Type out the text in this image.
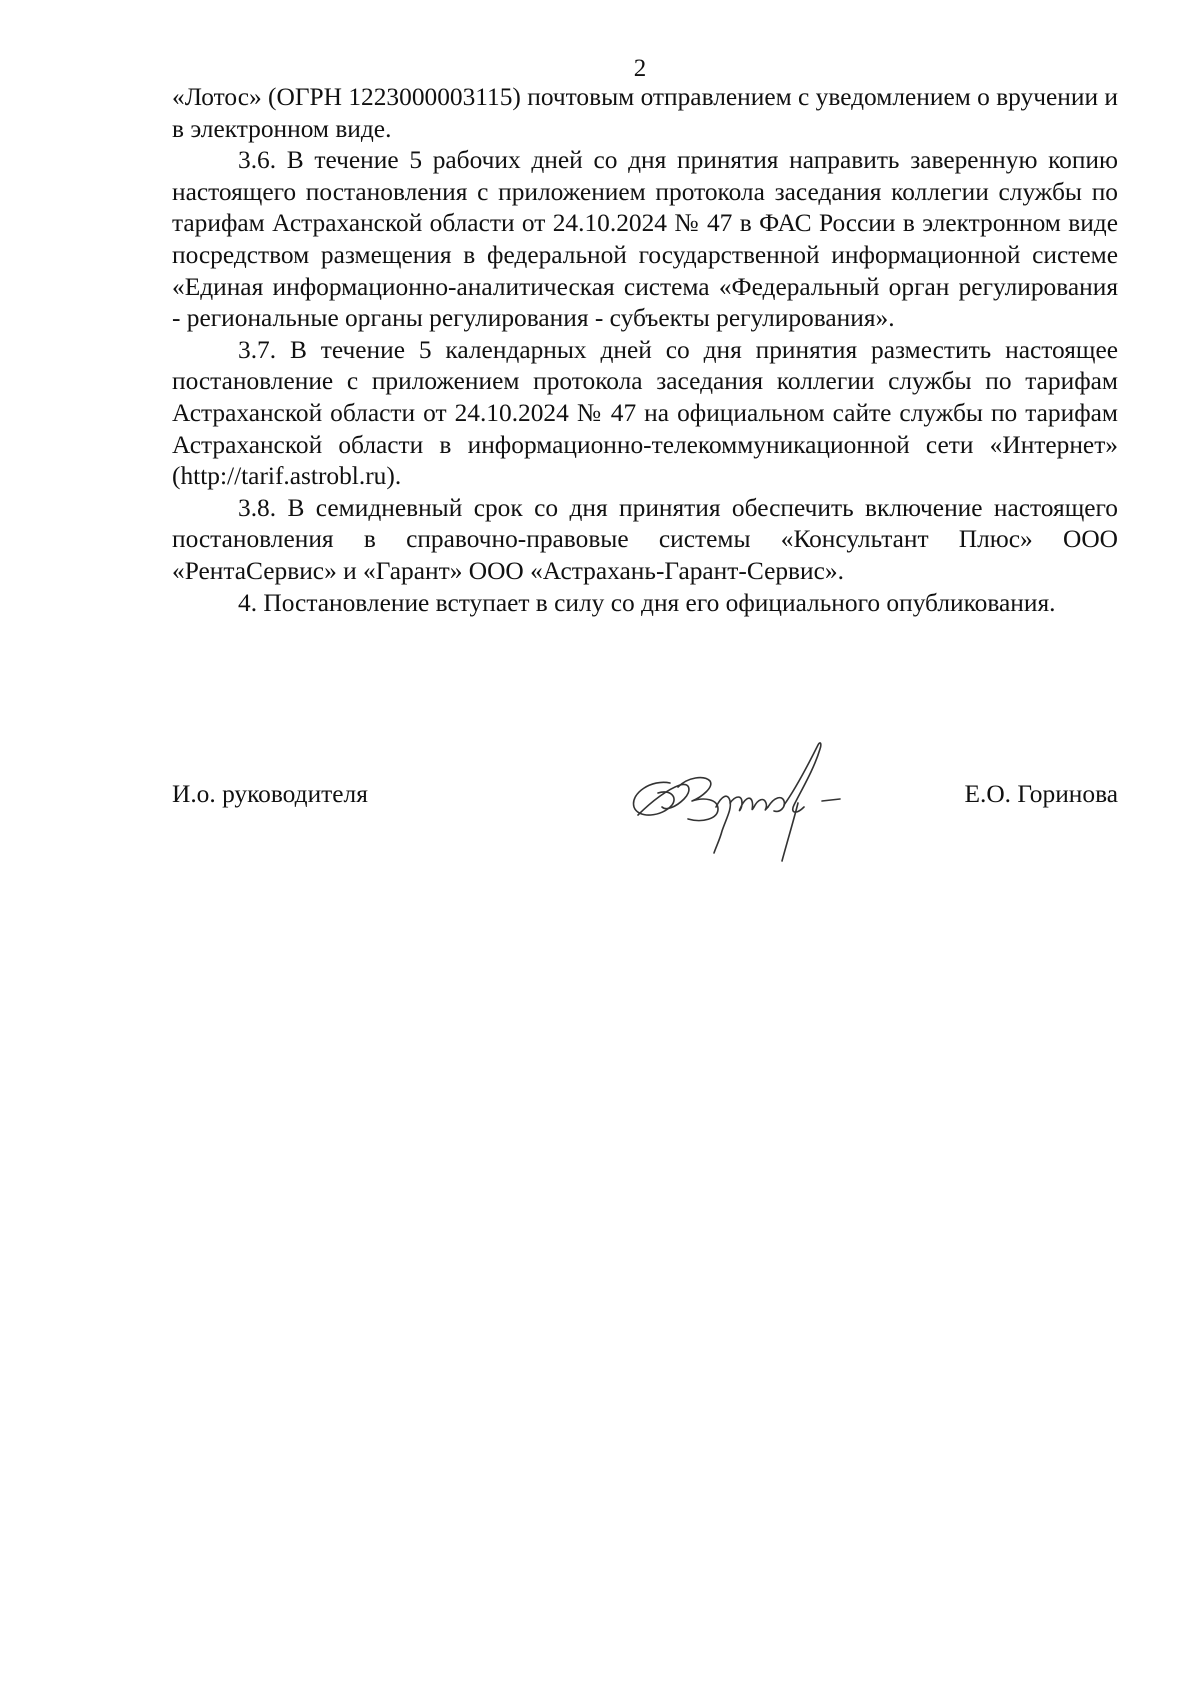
2

«Лотос» (ОГРН 1223000003115) почтовым отправлением с уведомлением о вручении и в электронном виде.

3.6. В течение 5 рабочих дней со дня принятия направить заверенную копию настоящего постановления с приложением протокола заседания коллегии службы по тарифам Астраханской области от 24.10.2024 № 47 в ФАС России в электронном виде посредством размещения в федеральной государственной информационной системе «Единая информационно-аналитическая система «Федеральный орган регулирования - региональные органы регулирования - субъекты регулирования».

3.7. В течение 5 календарных дней со дня принятия разместить настоящее постановление с приложением протокола заседания коллегии службы по тарифам Астраханской области от 24.10.2024 № 47 на официальном сайте службы по тарифам Астраханской области в информационно-телекоммуникационной сети «Интернет» (http://tarif.astrobl.ru).

3.8. В семидневный срок со дня принятия обеспечить включение настоящего постановления в справочно-правовые системы «Консультант Плюс» ООО «РентаСервис» и «Гарант» ООО «Астрахань-Гарант-Сервис».

4. Постановление вступает в силу со дня его официального опубликования.

И.о. руководителя	Е.О. Горинова
